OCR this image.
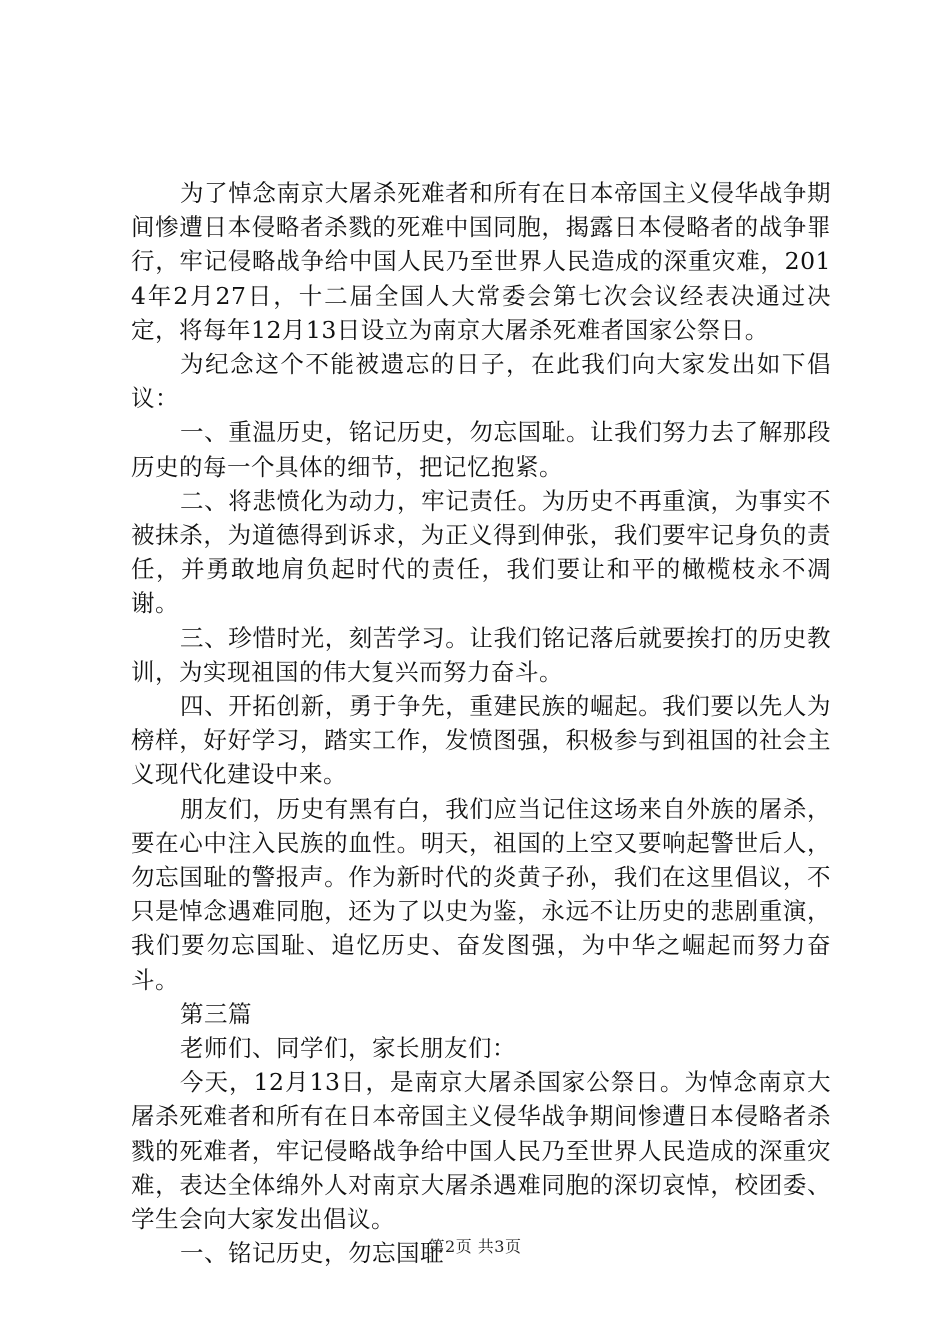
为了悼念南京大屠杀死难者和所有在日本帝国主义侵华战争期间惨遭日本侵略者杀戮的死难中国同胞，揭露日本侵略者的战争罪行，牢记侵略战争给中国人民乃至世界人民造成的深重灾难，2014年2月27日，十二届全国人大常委会第七次会议经表决通过决定，将每年12月13日设立为南京大屠杀死难者国家公祭日。

为纪念这个不能被遗忘的日子，在此我们向大家发出如下倡议：

一、重温历史，铭记历史，勿忘国耻。让我们努力去了解那段历史的每一个具体的细节，把记忆抱紧。

二、将悲愤化为动力，牢记责任。为历史不再重演，为事实不被抹杀，为道德得到诉求，为正义得到伸张，我们要牢记身负的责任，并勇敢地肩负起时代的责任，我们要让和平的橄榄枝永不凋谢。

三、珍惜时光，刻苦学习。让我们铭记落后就要挨打的历史教训，为实现祖国的伟大复兴而努力奋斗。

四、开拓创新，勇于争先，重建民族的崛起。我们要以先人为榜样，好好学习，踏实工作，发愤图强，积极参与到祖国的社会主义现代化建设中来。

朋友们，历史有黑有白，我们应当记住这场来自外族的屠杀，要在心中注入民族的血性。明天，祖国的上空又要响起警世后人，勿忘国耻的警报声。作为新时代的炎黄子孙，我们在这里倡议，不只是悼念遇难同胞，还为了以史为鉴，永远不让历史的悲剧重演，我们要勿忘国耻、追忆历史、奋发图强，为中华之崛起而努力奋斗。

第三篇

老师们、同学们，家长朋友们：

今天，12月13日，是南京大屠杀国家公祭日。为悼念南京大屠杀死难者和所有在日本帝国主义侵华战争期间惨遭日本侵略者杀戮的死难者，牢记侵略战争给中国人民乃至世界人民造成的深重灾难，表达全体绵外人对南京大屠杀遇难同胞的深切哀悼，校团委、学生会向大家发出倡议。

一、铭记历史，勿忘国耻

第2页 共3页
